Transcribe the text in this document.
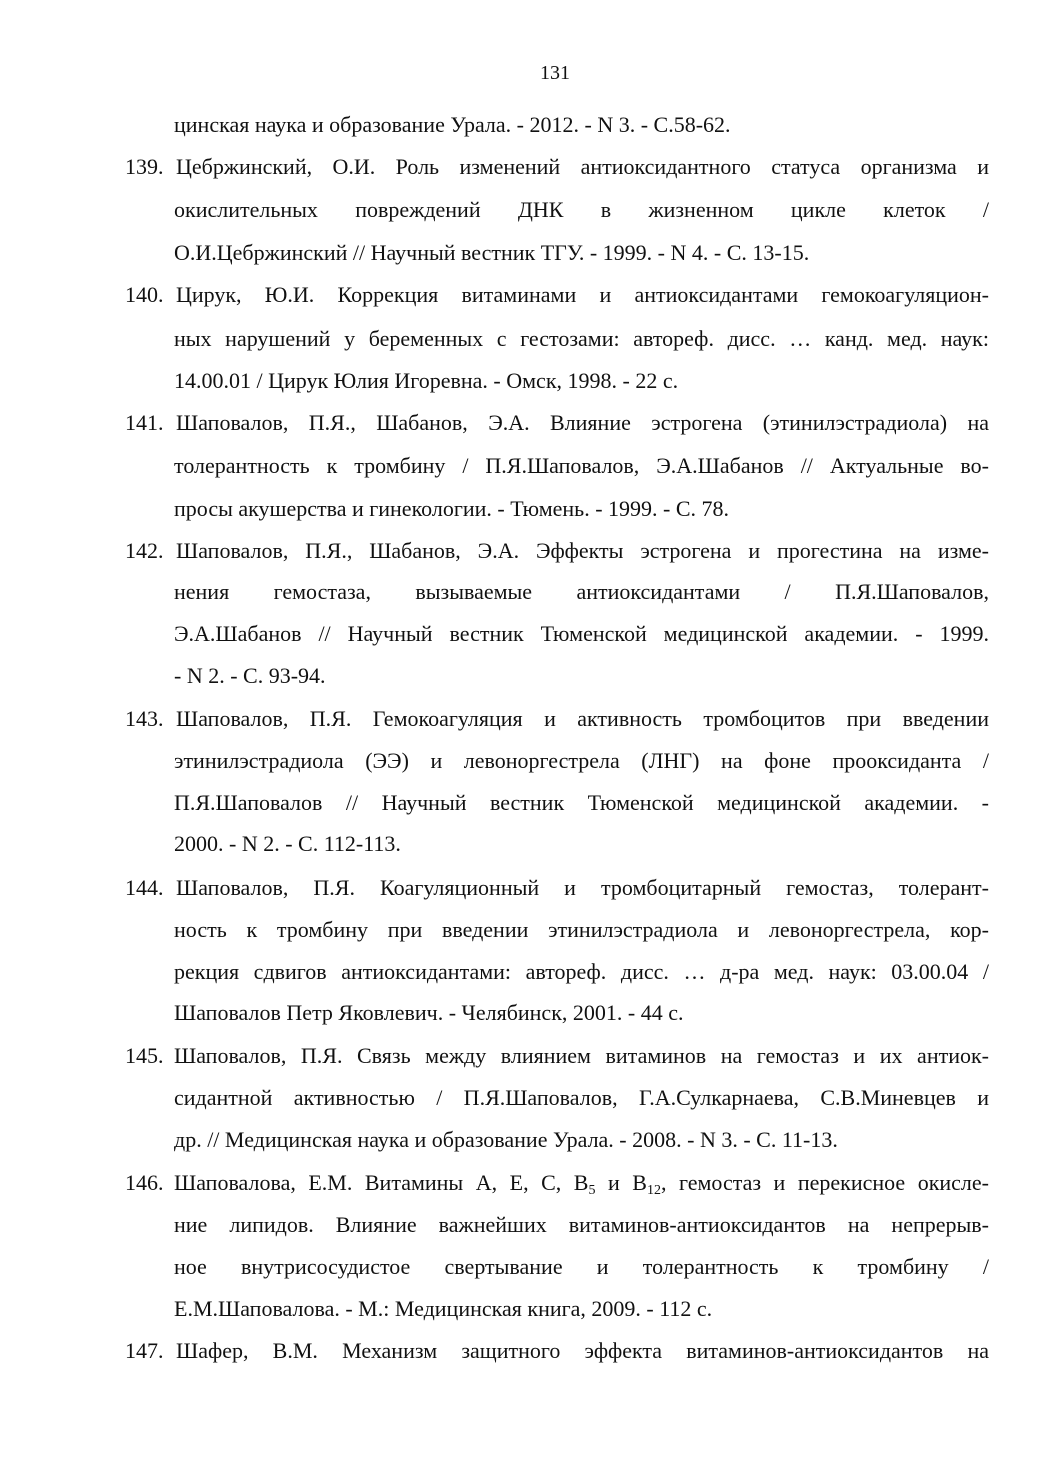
131
цинская наука и образование Урала. - 2012. - N 3. - С.58-62.
139. Цебржинский, О.И. Роль изменений антиоксидантного статуса организма и
окислительных повреждений ДНК в жизненном цикле клеток /
О.И.Цебржинский // Научный вестник ТГУ. - 1999. - N 4. - С. 13-15.
140. Цирук, Ю.И. Коррекция витаминами и антиоксидантами гемокоагуляцион-
ных нарушений у беременных с гестозами: автореф. дисс. … канд. мед. наук:
14.00.01 / Цирук Юлия Игоревна. - Омск, 1998. - 22 с.
141. Шаповалов, П.Я., Шабанов, Э.А. Влияние эстрогена (этинилэстрадиола) на
толерантность к тромбину / П.Я.Шаповалов, Э.А.Шабанов // Актуальные во-
просы акушерства и гинекологии. - Тюмень. - 1999. - С. 78.
142. Шаповалов, П.Я., Шабанов, Э.А. Эффекты эстрогена и прогестина на изме-
нения гемостаза, вызываемые антиоксидантами / П.Я.Шаповалов,
Э.А.Шабанов // Научный вестник Тюменской медицинской академии. - 1999.
- N 2. - С. 93-94.
143. Шаповалов, П.Я. Гемокоагуляция и активность тромбоцитов при введении
этинилэстрадиола (ЭЭ) и левоноргестрела (ЛНГ) на фоне прооксиданта /
П.Я.Шаповалов // Научный вестник Тюменской медицинской академии. -
2000. - N 2. - С. 112-113.
144. Шаповалов, П.Я. Коагуляционный и тромбоцитарный гемостаз, толерант-
ность к тромбину при введении этинилэстрадиола и левоноргестрела, кор-
рекция сдвигов антиоксидантами: автореф. дисс. … д-ра мед. наук: 03.00.04 /
Шаповалов Петр Яковлевич. - Челябинск, 2001. - 44 с.
145. Шаповалов, П.Я. Связь между влиянием витаминов на гемостаз и их антиок-
сидантной активностью / П.Я.Шаповалов, Г.А.Сулкарнаева, С.В.Миневцев и
др. // Медицинская наука и образование Урала. - 2008. - N 3. - С. 11-13.
146. Шаповалова, Е.М. Витамины А, Е, С, $В_5$ и $В_{12}$, гемостаз и перекисное окисле-
ние липидов. Влияние важнейших витаминов-антиоксидантов на непрерыв-
ное внутрисосудистое свертывание и толерантность к тромбину /
Е.М.Шаповалова. - М.: Медицинская книга, 2009. - 112 с.
147. Шафер, В.М. Механизм защитного эффекта витаминов-антиоксидантов на
